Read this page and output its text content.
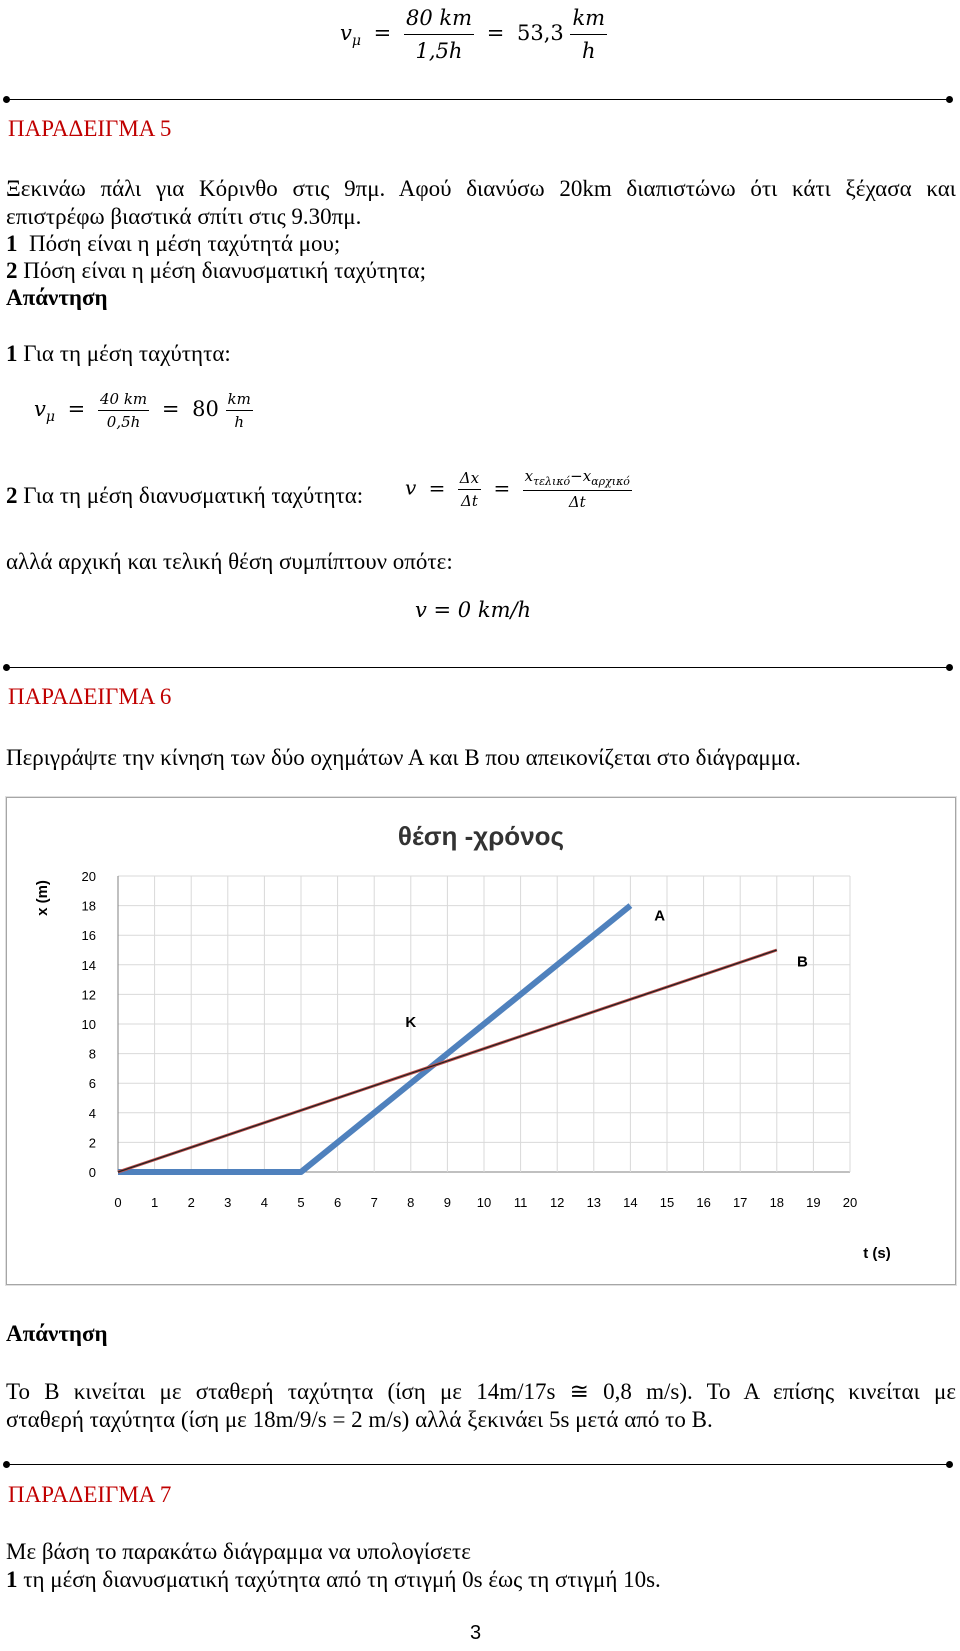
$v_\mu = \frac{80 km}{1,5h} = 53,3 \frac{km}{h}$
ΠΑΡΑΔΕΙΓΜΑ 5
Ξεκινάω πάλι για Κόρινθο στις 9πμ. Αφού διανύσω 20km διαπιστώνω ότι κάτι ξέχασα και
επιστρέφω βιαστικά σπίτι στις 9.30πμ.
1  Πόση είναι η μέση ταχύτητά μου;
2 Πόση είναι η μέση διανυσματική ταχύτητα;
Απάντηση
1 Για τη μέση ταχύτητα:
$v_\mu = \frac{40 km}{0,5h} = 80 \frac{km}{h}$
2 Για τη μέση διανυσματική ταχύτητα: $v = \frac{\Delta x}{\Delta t} = \frac{x_{\tau\varepsilon\lambda\iota\kappa ό}-x_{\alpha\rho\chi\iota\kappa ό}}{\Delta t}$
αλλά αρχική και τελική θέση συμπίπτουν οπότε:
v = 0 km/h
ΠΑΡΑΔΕΙΓΜΑ 6
Περιγράψτε την κίνηση των δύο οχημάτων Α και Β που απεικονίζεται στο διάγραμμα.
θέση -χρόνος
x (m)
t (s)
0
2
4
6
8
10
12
14
16
18
20
0 1 2 3 4 5 6 7 8 9 10 11 12 13 14 15 16 17 18 19 20
A
B
K
Απάντηση
Το Β κινείται με σταθερή ταχύτητα (ίση με 14m/17s ≅ 0,8 m/s). Το Α επίσης κινείται με
σταθερή ταχύτητα (ίση με 18m/9/s = 2 m/s) αλλά ξεκινάει 5s μετά από το Β.
ΠΑΡΑΔΕΙΓΜΑ 7
Με βάση το παρακάτω διάγραμμα να υπολογίσετε
1 τη μέση διανυσματική ταχύτητα από τη στιγμή 0s έως τη στιγμή 10s.
3
